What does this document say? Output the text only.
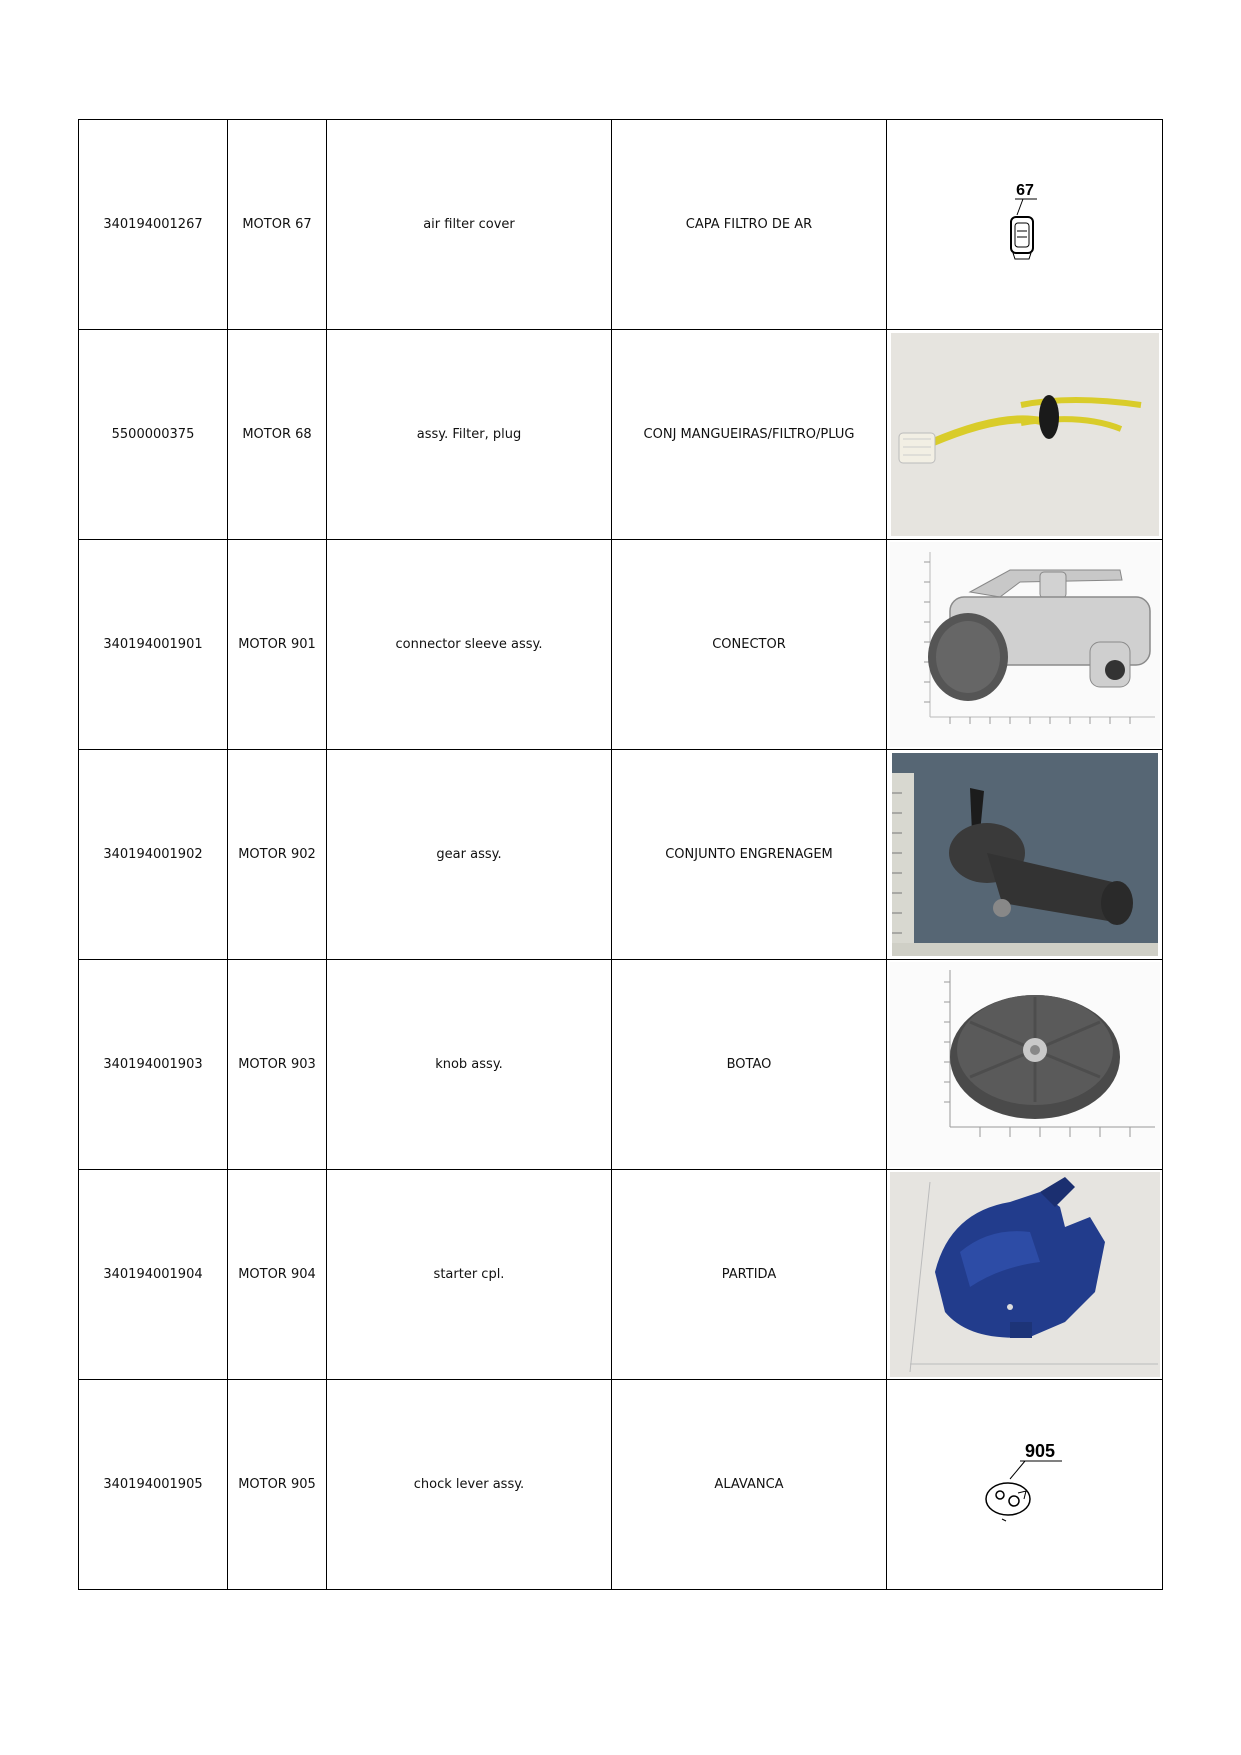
340194001267	MOTOR 67	air filter cover	CAPA FILTRO DE AR	67

5500000375	MOTOR 68	assy. Filter, plug	CONJ MANGUEIRAS/FILTRO/PLUG	

340194001901	MOTOR 901	connector sleeve assy.	CONECTOR	

340194001902	MOTOR 902	gear assy.	CONJUNTO ENGRENAGEM	

340194001903	MOTOR 903	knob assy.	BOTAO	

340194001904	MOTOR 904	starter cpl.	PARTIDA	

340194001905	MOTOR 905	chock lever assy.	ALAVANCA	905
